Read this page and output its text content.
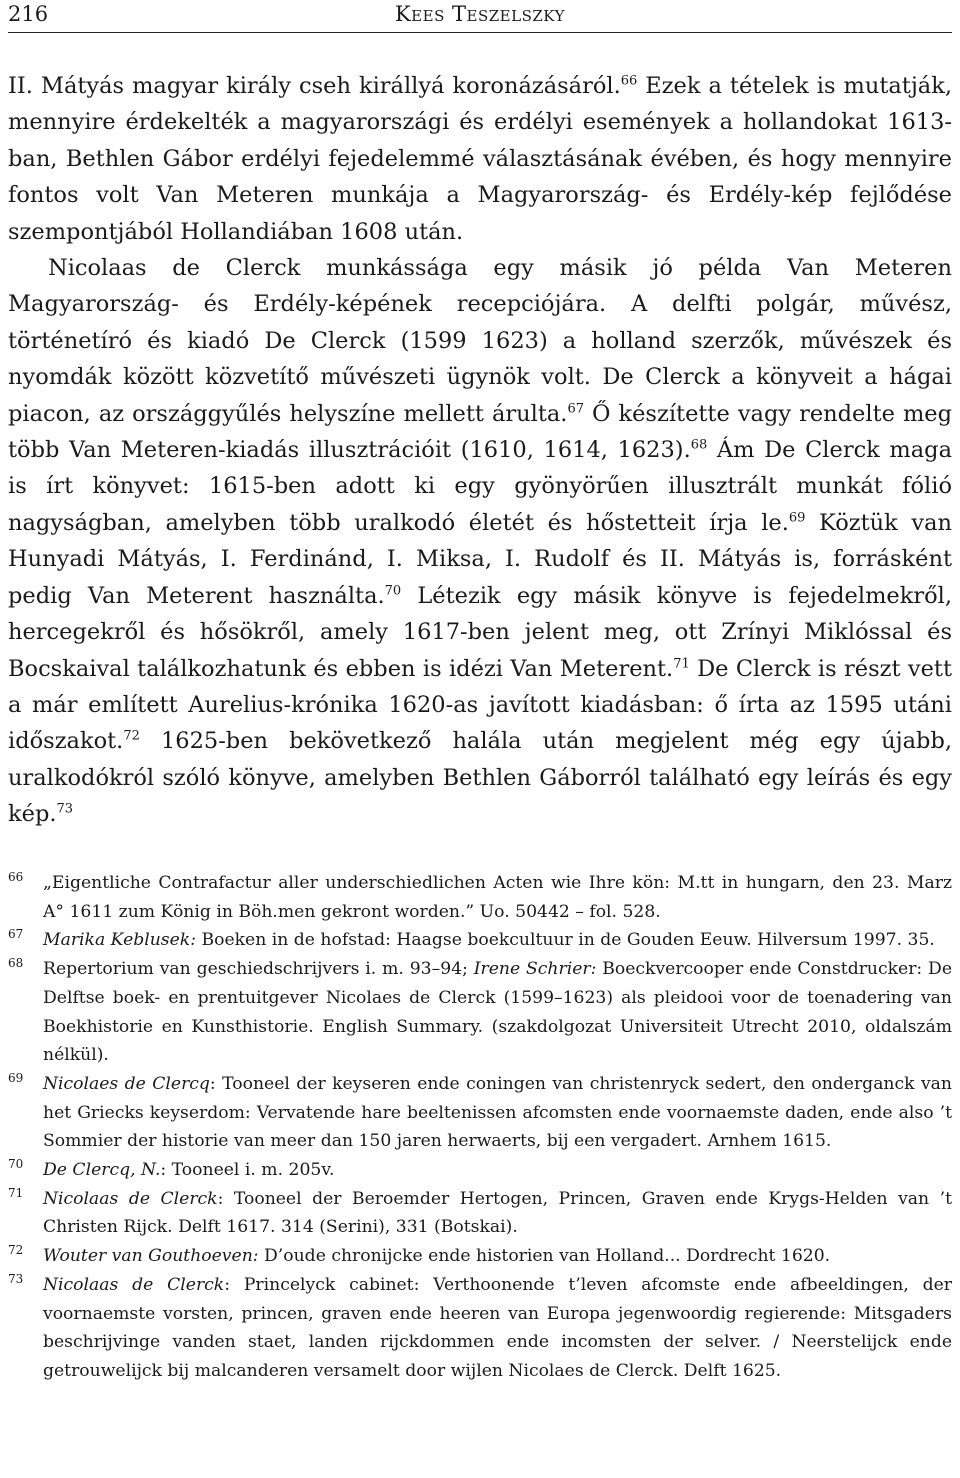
216	Kees Teszelszky

II. Mátyás magyar király cseh királlyá koronázásáról.$^{66}$ Ezek a tételek is mutatják, mennyire érdekelték a magyarországi és erdélyi események a hollandokat 1613-ban, Bethlen Gábor erdélyi fejedelemmé választásának évében, és hogy mennyire fontos volt Van Meteren munkája a Magyarország- és Erdély-kép fejlődése szempontjából Hollandiában 1608 után.

Nicolaas de Clerck munkássága egy másik jó példa Van Meteren Magyarország- és Erdély-képének recepciójára. A delfti polgár, művész, történetíró és kiadó De Clerck (1599 1623) a holland szerzők, művészek és nyomdák között közvetítő művészeti ügynök volt. De Clerck a könyveit a hágai piacon, az országgyűlés helyszíne mellett árulta.$^{67}$ Ő készítette vagy rendelte meg több Van Meteren-kiadás illusztrációit (1610, 1614, 1623).$^{68}$ Ám De Clerck maga is írt könyvet: 1615-ben adott ki egy gyönyörűen illusztrált munkát fólió nagyságban, amelyben több uralkodó életét és hőstetteit írja le.$^{69}$ Köztük van Hunyadi Mátyás, I. Ferdinánd, I. Miksa, I. Rudolf és II. Mátyás is, forrásként pedig Van Meterent használta.$^{70}$ Létezik egy másik könyve is fejedelmekről, hercegekről és hősökről, amely 1617-ben jelent meg, ott Zrínyi Miklóssal és Bocskaival találkozhatunk és ebben is idézi Van Meterent.$^{71}$ De Clerck is részt vett a már említett Aurelius-krónika 1620-as javított kiadásban: ő írta az 1595 utáni időszakot.$^{72}$ 1625-ben bekövetkező halála után megjelent még egy újabb, uralkodókról szóló könyve, amelyben Bethlen Gáborról található egy leírás és egy kép.$^{73}$

66 „Eigentliche Contrafactur aller underschiedlichen Acten wie Ihre kön: M.tt in hungarn, den 23. Marz A° 1611 zum König in Böh.men gekront worden.” Uo. 50442 – fol. 528.
67 Marika Keblusek: Boeken in de hofstad: Haagse boekcultuur in de Gouden Eeuw. Hilversum 1997. 35.
68 Repertorium van geschiedschrijvers i. m. 93–94; Irene Schrier: Boeckvercooper ende Constdrucker: De Delftse boek- en prentuitgever Nicolaes de Clerck (1599–1623) als pleidooi voor de toenadering van Boekhistorie en Kunsthistorie. English Summary. (szakdolgozat Universiteit Utrecht 2010, oldalszám nélkül).
69 Nicolaes de Clercq: Tooneel der keyseren ende coningen van christenryck sedert, den onderganck van het Griecks keyserdom: Vervatende hare beeltenissen afcomsten ende voornaemste daden, ende also ’t Sommier der historie van meer dan 150 jaren herwaerts, bij een vergadert. Arnhem 1615.
70 De Clercq, N.: Tooneel i. m. 205v.
71 Nicolaas de Clerck: Tooneel der Beroemder Hertogen, Princen, Graven ende Krygs-Helden van ’t Christen Rijck. Delft 1617. 314 (Serini), 331 (Botskai).
72 Wouter van Gouthoeven: D’oude chronijcke ende historien van Holland... Dordrecht 1620.
73 Nicolaas de Clerck: Princelyck cabinet: Verthoonende t’leven afcomste ende afbeeldingen, der voornaemste vorsten, princen, graven ende heeren van Europa jegenwoordig regierende: Mitsgaders beschrijvinge vanden staet, landen rijckdommen ende incomsten der selver. / Neerstelijck ende getrouwelijck bij malcanderen versamelt door wijlen Nicolaes de Clerck. Delft 1625.
